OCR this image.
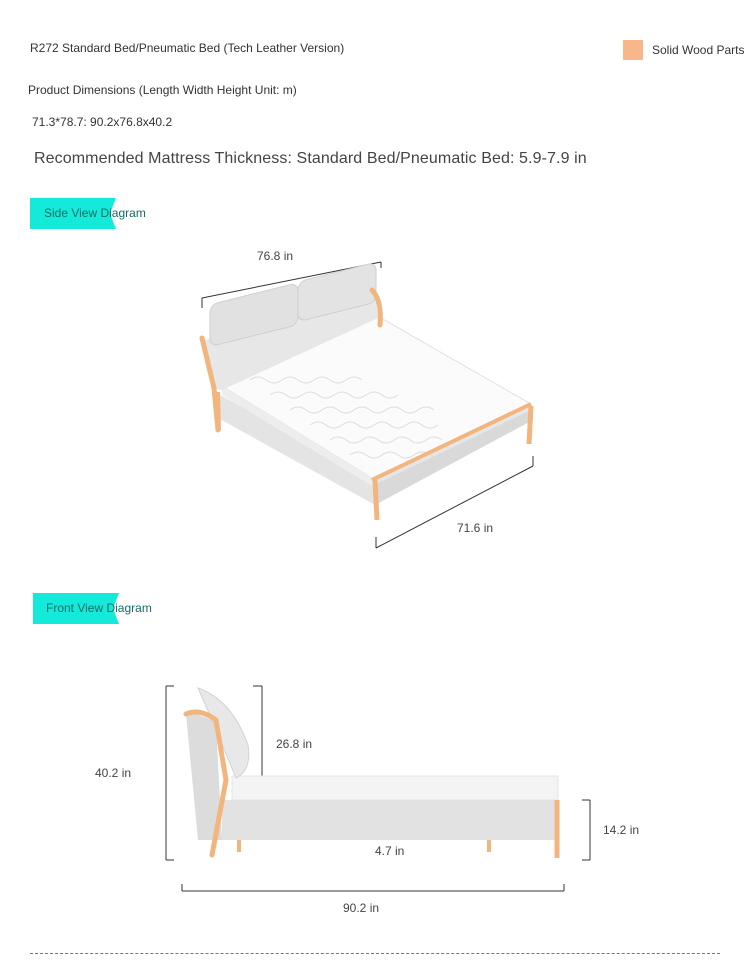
R272 Standard Bed/Pneumatic Bed (Tech Leather Version)	Solid Wood Parts
Product Dimensions (Length Width Height Unit: m)
71.3*78.7: 90.2x76.8x40.2
Recommended Mattress Thickness: Standard Bed/Pneumatic Bed: 5.9-7.9 in
Side View Diagram
76.8 in
71.6 in
Front View Diagram
40.2 in
26.8 in
4.7 in
14.2 in
90.2 in
